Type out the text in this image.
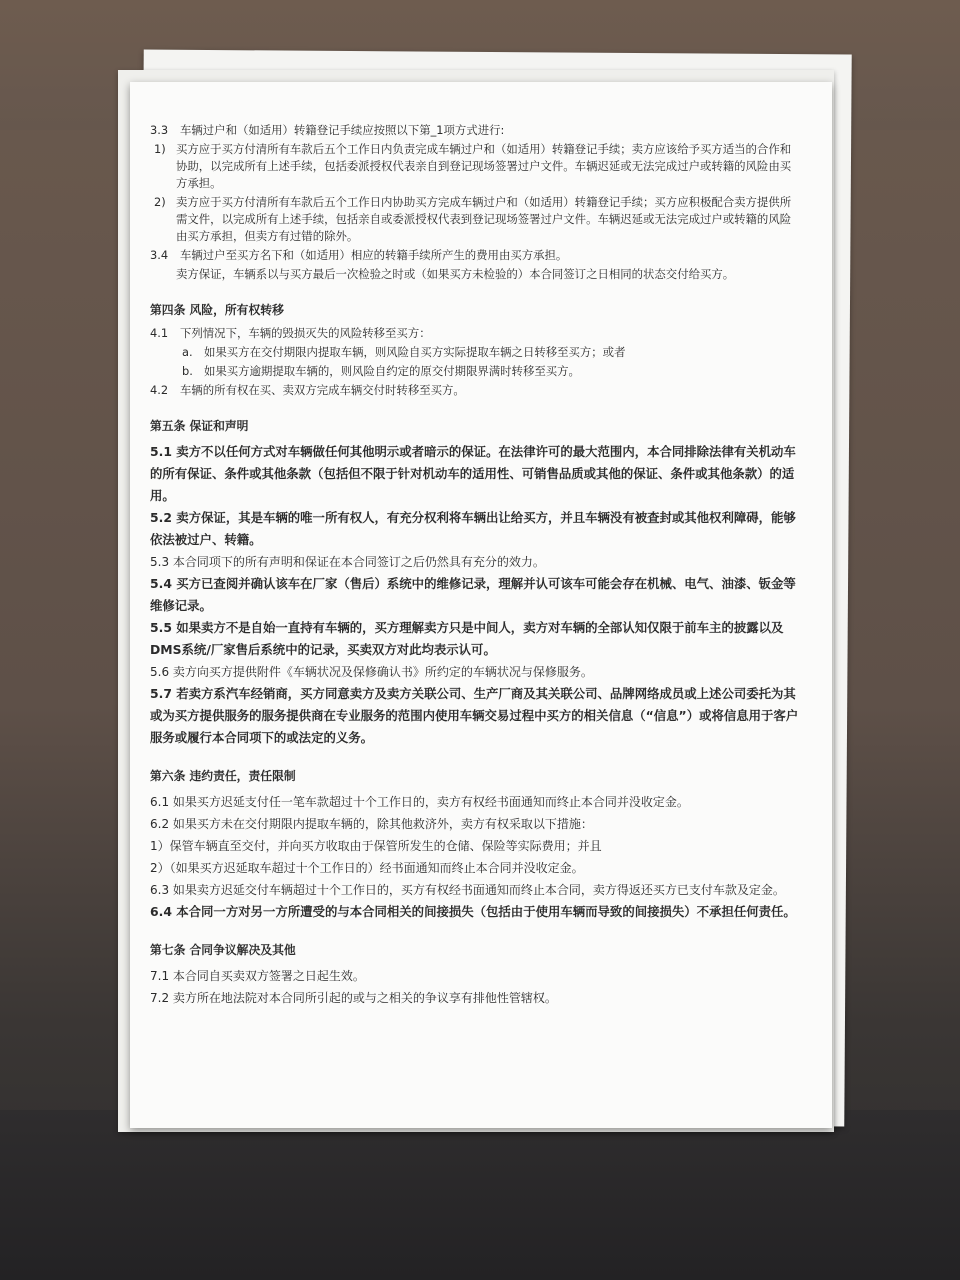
3.3	车辆过户和（如适用）转籍登记手续应按照以下第_1项方式进行:
1) 买方应于买方付清所有车款后五个工作日内负责完成车辆过户和（如适用）转籍登记手续；卖方应该给予买方适当的合作和协助，以完成所有上述手续，包括委派授权代表亲自到登记现场签署过户文件。车辆迟延或无法完成过户或转籍的风险由买方承担。
2) 卖方应于买方付清所有车款后五个工作日内协助买方完成车辆过户和（如适用）转籍登记手续；买方应积极配合卖方提供所需文件，以完成所有上述手续，包括亲自或委派授权代表到登记现场签署过户文件。车辆迟延或无法完成过户或转籍的风险由买方承担，但卖方有过错的除外。
3.4	车辆过户至买方名下和（如适用）相应的转籍手续所产生的费用由买方承担。
卖方保证，车辆系以与买方最后一次检验之时或（如果买方未检验的）本合同签订之日相同的状态交付给买方。
第四条 风险，所有权转移
4.1	下列情况下，车辆的毁损灭失的风险转移至买方：
a. 如果买方在交付期限内提取车辆，则风险自买方实际提取车辆之日转移至买方；或者
b. 如果买方逾期提取车辆的，则风险自约定的原交付期限界满时转移至买方。
4.2	车辆的所有权在买、卖双方完成车辆交付时转移至买方。
第五条 保证和声明
5.1 卖方不以任何方式对车辆做任何其他明示或者暗示的保证。在法律许可的最大范围内，本合同排除法律有关机动车的所有保证、条件或其他条款（包括但不限于针对机动车的适用性、可销售品质或其他的保证、条件或其他条款）的适用。
5.2 卖方保证，其是车辆的唯一所有权人，有充分权利将车辆出让给买方，并且车辆没有被查封或其他权利障碍，能够依法被过户、转籍。
5.3 本合同项下的所有声明和保证在本合同签订之后仍然具有充分的效力。
5.4 买方已查阅并确认该车在厂家（售后）系统中的维修记录，理解并认可该车可能会存在机械、电气、油漆、钣金等维修记录。
5.5 如果卖方不是自始一直持有车辆的，买方理解卖方只是中间人，卖方对车辆的全部认知仅限于前车主的披露以及DMS系统/厂家售后系统中的记录，买卖双方对此均表示认可。
5.6 卖方向买方提供附件《车辆状况及保修确认书》所约定的车辆状况与保修服务。
5.7 若卖方系汽车经销商，买方同意卖方及卖方关联公司、生产厂商及其关联公司、品牌网络成员或上述公司委托为其或为买方提供服务的服务提供商在专业服务的范围内使用车辆交易过程中买方的相关信息（“信息”）或将信息用于客户服务或履行本合同项下的或法定的义务。
第六条 违约责任，责任限制
6.1 如果买方迟延支付任一笔车款超过十个工作日的，卖方有权经书面通知而终止本合同并没收定金。
6.2 如果买方未在交付期限内提取车辆的，除其他救济外，卖方有权采取以下措施：
1）保管车辆直至交付，并向买方收取由于保管所发生的仓储、保险等实际费用；并且
2）（如果买方迟延取车超过十个工作日的）经书面通知而终止本合同并没收定金。
6.3 如果卖方迟延交付车辆超过十个工作日的，买方有权经书面通知而终止本合同，卖方得返还买方已支付车款及定金。
6.4 本合同一方对另一方所遭受的与本合同相关的间接损失（包括由于使用车辆而导致的间接损失）不承担任何责任。
第七条 合同争议解决及其他
7.1 本合同自买卖双方签署之日起生效。
7.2 卖方所在地法院对本合同所引起的或与之相关的争议享有排他性管辖权。
